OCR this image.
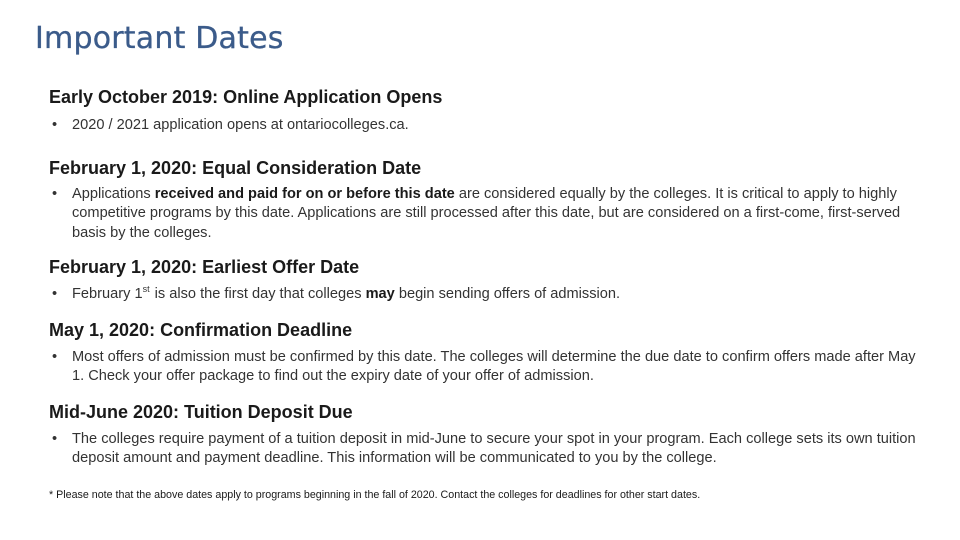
Important Dates
Early October 2019: Online Application Opens
• 2020 / 2021 application opens at ontariocolleges.ca.
February 1, 2020: Equal Consideration Date
• Applications received and paid for on or before this date are considered equally by the colleges. It is critical to apply to highly competitive programs by this date. Applications are still processed after this date, but are considered on a first-come, first-served basis by the colleges.
February 1, 2020: Earliest Offer Date
• February 1st is also the first day that colleges may begin sending offers of admission.
May 1, 2020: Confirmation Deadline
• Most offers of admission must be confirmed by this date. The colleges will determine the due date to confirm offers made after May 1. Check your offer package to find out the expiry date of your offer of admission.
Mid-June 2020: Tuition Deposit Due
• The colleges require payment of a tuition deposit in mid-June to secure your spot in your program. Each college sets its own tuition deposit amount and payment deadline. This information will be communicated to you by the college.

* Please note that the above dates apply to programs beginning in the fall of 2020. Contact the colleges for deadlines for other start dates.
